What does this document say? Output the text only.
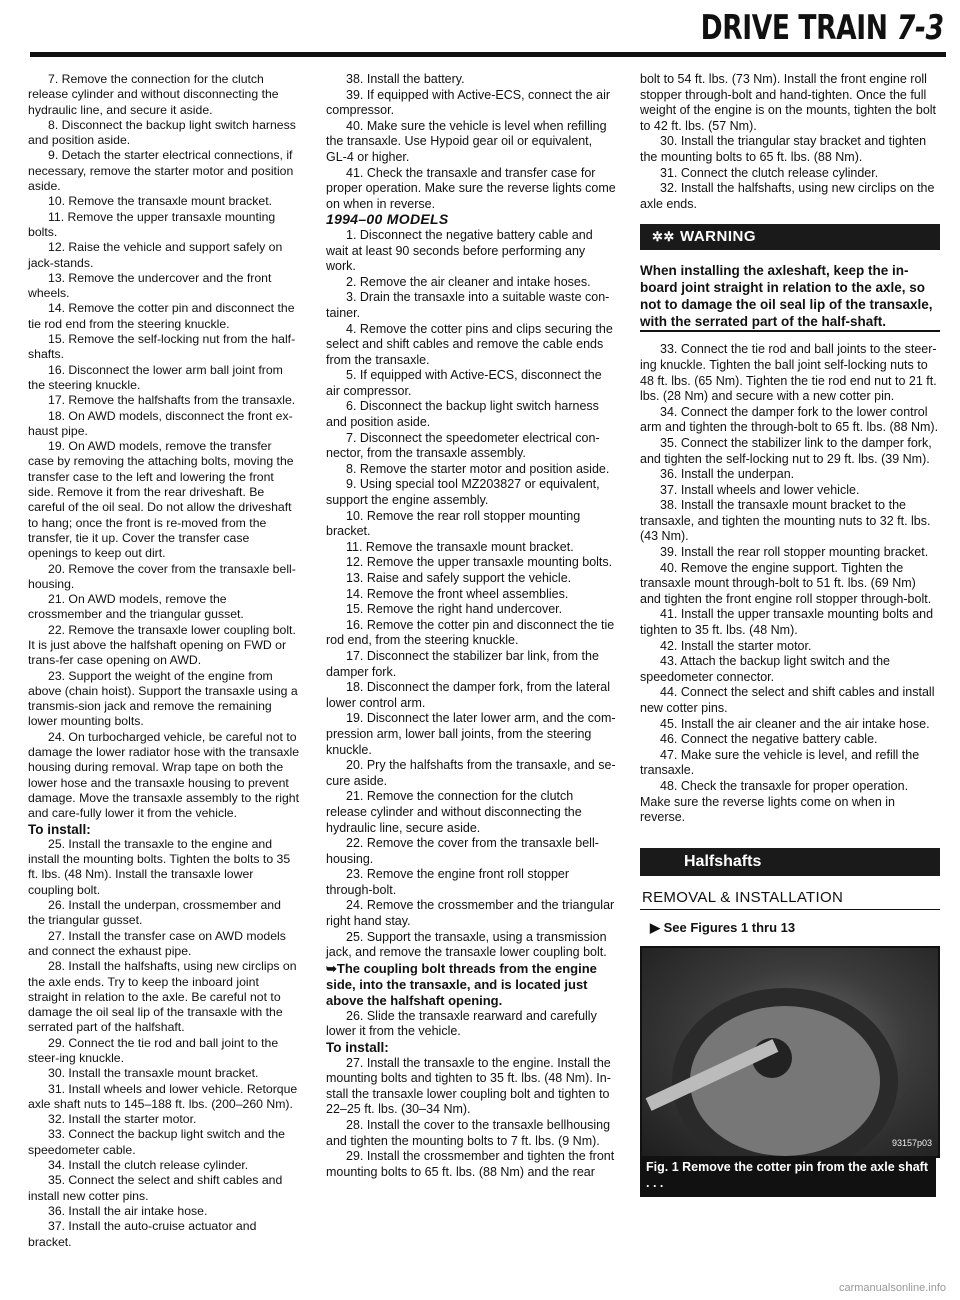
DRIVE TRAIN 7-3

7. Remove the connection for the clutch release cylinder and without disconnecting the hydraulic line, and secure it aside.

8. Disconnect the backup light switch harness and position aside.

9. Detach the starter electrical connections, if necessary, remove the starter motor and position aside.

10. Remove the transaxle mount bracket.

11. Remove the upper transaxle mounting bolts.

12. Raise the vehicle and support safely on jack-stands.

13. Remove the undercover and the front wheels.

14. Remove the cotter pin and disconnect the tie rod end from the steering knuckle.

15. Remove the self-locking nut from the half-shafts.

16. Disconnect the lower arm ball joint from the steering knuckle.

17. Remove the halfshafts from the transaxle.

18. On AWD models, disconnect the front ex-haust pipe.

19. On AWD models, remove the transfer case by removing the attaching bolts, moving the transfer case to the left and lowering the front side. Remove it from the rear driveshaft. Be careful of the oil seal. Do not allow the driveshaft to hang; once the front is re-moved from the transfer, tie it up. Cover the transfer case openings to keep out dirt.

20. Remove the cover from the transaxle bell-housing.

21. On AWD models, remove the crossmember and the triangular gusset.

22. Remove the transaxle lower coupling bolt. It is just above the halfshaft opening on FWD or trans-fer case opening on AWD.

23. Support the weight of the engine from above (chain hoist). Support the transaxle using a transmis-sion jack and remove the remaining lower mounting bolts.

24. On turbocharged vehicle, be careful not to damage the lower radiator hose with the transaxle housing during removal. Wrap tape on both the lower hose and the transaxle housing to prevent damage. Move the transaxle assembly to the right and care-fully lower it from the vehicle.

To install:

25. Install the transaxle to the engine and install the mounting bolts. Tighten the bolts to 35 ft. lbs. (48 Nm). Install the transaxle lower coupling bolt.

26. Install the underpan, crossmember and the triangular gusset.

27. Install the transfer case on AWD models and connect the exhaust pipe.

28. Install the halfshafts, using new circlips on the axle ends. Try to keep the inboard joint straight in relation to the axle. Be careful not to damage the oil seal lip of the transaxle with the serrated part of the halfshaft.

29. Connect the tie rod and ball joint to the steer-ing knuckle.

30. Install the transaxle mount bracket.

31. Install wheels and lower vehicle. Retorque axle shaft nuts to 145–188 ft. lbs. (200–260 Nm).

32. Install the starter motor.

33. Connect the backup light switch and the speedometer cable.

34. Install the clutch release cylinder.

35. Connect the select and shift cables and install new cotter pins.

36. Install the air intake hose.

37. Install the auto-cruise actuator and bracket.

38. Install the battery.

39. If equipped with Active-ECS, connect the air compressor.

40. Make sure the vehicle is level when refilling the transaxle. Use Hypoid gear oil or equivalent, GL-4 or higher.

41. Check the transaxle and transfer case for proper operation. Make sure the reverse lights come on when in reverse.

1994–00 MODELS

1. Disconnect the negative battery cable and wait at least 90 seconds before performing any work.

2. Remove the air cleaner and intake hoses.

3. Drain the transaxle into a suitable waste con-tainer.

4. Remove the cotter pins and clips securing the select and shift cables and remove the cable ends from the transaxle.

5. If equipped with Active-ECS, disconnect the air compressor.

6. Disconnect the backup light switch harness and position aside.

7. Disconnect the speedometer electrical con-nector, from the transaxle assembly.

8. Remove the starter motor and position aside.

9. Using special tool MZ203827 or equivalent, support the engine assembly.

10. Remove the rear roll stopper mounting bracket.

11. Remove the transaxle mount bracket.

12. Remove the upper transaxle mounting bolts.

13. Raise and safely support the vehicle.

14. Remove the front wheel assemblies.

15. Remove the right hand undercover.

16. Remove the cotter pin and disconnect the tie rod end, from the steering knuckle.

17. Disconnect the stabilizer bar link, from the damper fork.

18. Disconnect the damper fork, from the lateral lower control arm.

19. Disconnect the later lower arm, and the com-pression arm, lower ball joints, from the steering knuckle.

20. Pry the halfshafts from the transaxle, and se-cure aside.

21. Remove the connection for the clutch release cylinder and without disconnecting the hydraulic line, secure aside.

22. Remove the cover from the transaxle bell-housing.

23. Remove the engine front roll stopper through-bolt.

24. Remove the crossmember and the triangular right hand stay.

25. Support the transaxle, using a transmission jack, and remove the transaxle lower coupling bolt.

➥The coupling bolt threads from the engine side, into the transaxle, and is located just above the halfshaft opening.

26. Slide the transaxle rearward and carefully lower it from the vehicle.

To install:

27. Install the transaxle to the engine. Install the mounting bolts and tighten to 35 ft. lbs. (48 Nm). In-stall the transaxle lower coupling bolt and tighten to 22–25 ft. lbs. (30–34 Nm).

28. Install the cover to the transaxle bellhousing and tighten the mounting bolts to 7 ft. lbs. (9 Nm).

29. Install the crossmember and tighten the front mounting bolts to 65 ft. lbs. (88 Nm) and the rear

bolt to 54 ft. lbs. (73 Nm). Install the front engine roll stopper through-bolt and hand-tighten. Once the full weight of the engine is on the mounts, tighten the bolt to 42 ft. lbs. (57 Nm).

30. Install the triangular stay bracket and tighten the mounting bolts to 65 ft. lbs. (88 Nm).

31. Connect the clutch release cylinder.

32. Install the halfshafts, using new circlips on the axle ends.

✲✲ WARNING

When installing the axleshaft, keep the in-board joint straight in relation to the axle, so not to damage the oil seal lip of the transaxle, with the serrated part of the half-shaft.

33. Connect the tie rod and ball joints to the steer-ing knuckle. Tighten the ball joint self-locking nuts to 48 ft. lbs. (65 Nm). Tighten the tie rod end nut to 21 ft. lbs. (28 Nm) and secure with a new cotter pin.

34. Connect the damper fork to the lower control arm and tighten the through-bolt to 65 ft. lbs. (88 Nm).

35. Connect the stabilizer link to the damper fork, and tighten the self-locking nut to 29 ft. lbs. (39 Nm).

36. Install the underpan.

37. Install wheels and lower vehicle.

38. Install the transaxle mount bracket to the transaxle, and tighten the mounting nuts to 32 ft. lbs. (43 Nm).

39. Install the rear roll stopper mounting bracket.

40. Remove the engine support. Tighten the transaxle mount through-bolt to 51 ft. lbs. (69 Nm) and tighten the front engine roll stopper through-bolt.

41. Install the upper transaxle mounting bolts and tighten to 35 ft. lbs. (48 Nm).

42. Install the starter motor.

43. Attach the backup light switch and the speedometer connector.

44. Connect the select and shift cables and install new cotter pins.

45. Install the air cleaner and the air intake hose.

46. Connect the negative battery cable.

47. Make sure the vehicle is level, and refill the transaxle.

48. Check the transaxle for proper operation. Make sure the reverse lights come on when in reverse.

Halfshafts
REMOVAL & INSTALLATION
▶ See Figures 1 thru 13
93157p03
Fig. 1 Remove the cotter pin from the axle shaft . . .
carmanualsonline.info
